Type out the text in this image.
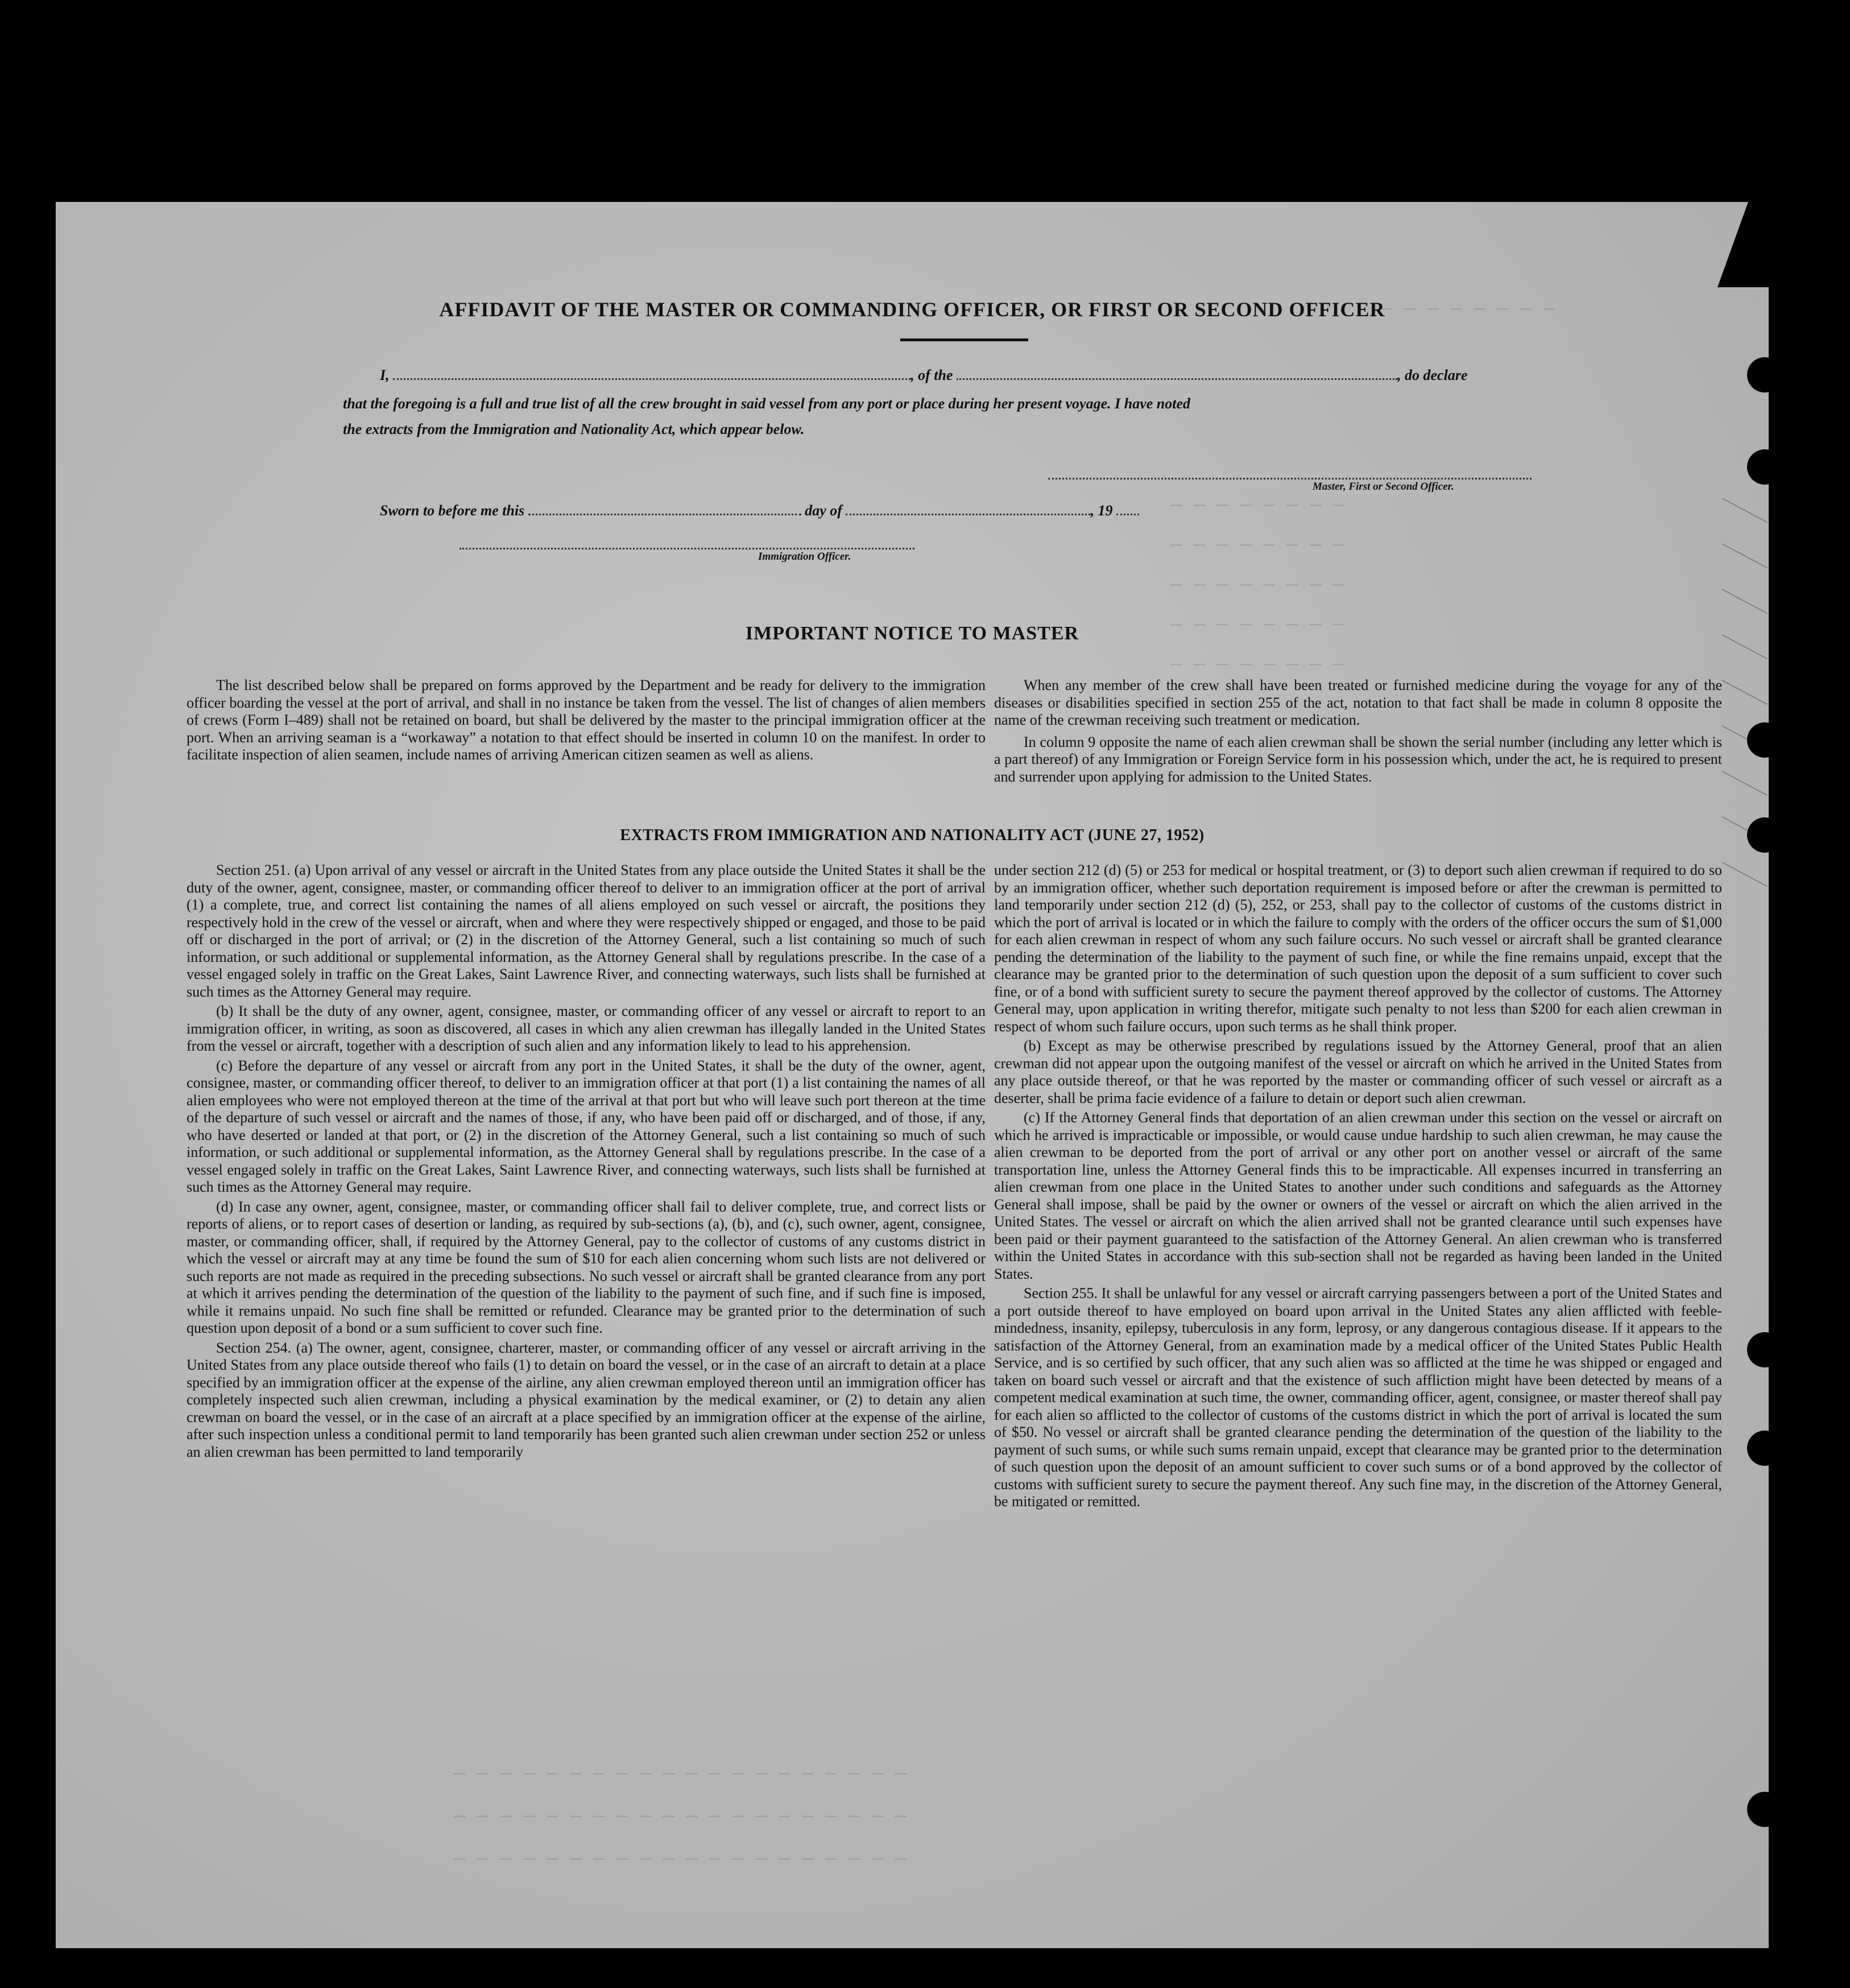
— — — — — — — —
— — — — — — — —
— — — — — — — —
— — — — — — — —
— — — — — — — —
— — — — — — — —
— — — — — — — — — — — — — — — — — — — —
— — — — — — — — — — — — — — — — — — — —
— — — — — — — — — — — — — — — — — — — —
AFFIDAVIT OF THE MASTER OR COMMANDING OFFICER, OR FIRST OR SECOND OFFICER
I,	, of the	, do declare
that the foregoing is a full and true list of all the crew brought in said vessel from any port or place during her present voyage. I have noted
the extracts from the Immigration and Nationality Act, which appear below.
Master, First or Second Officer.
Sworn to before me this	day of	, 19
Immigration Officer.
IMPORTANT NOTICE TO MASTER

The list described below shall be prepared on forms approved by the Department and be ready for delivery to the immigration officer boarding the vessel at the port of arrival, and shall in no instance be taken from the vessel. The list of changes of alien members of crews (Form I–489) shall not be retained on board, but shall be delivered by the master to the principal immigration officer at the port. When an arriving seaman is a “workaway” a notation to that effect should be inserted in column 10 on the manifest. In order to facilitate inspection of alien seamen, include names of arriving American citizen seamen as well as aliens.

When any member of the crew shall have been treated or furnished medicine during the voyage for any of the diseases or disabilities specified in section 255 of the act, notation to that fact shall be made in column 8 opposite the name of the crewman receiving such treatment or medication.

In column 9 opposite the name of each alien crewman shall be shown the serial number (including any letter which is a part thereof) of any Immigration or Foreign Service form in his possession which, under the act, he is required to present and surrender upon applying for admission to the United States.

EXTRACTS FROM IMMIGRATION AND NATIONALITY ACT (JUNE 27, 1952)

Section 251. (a) Upon arrival of any vessel or aircraft in the United States from any place outside the United States it shall be the duty of the owner, agent, consignee, master, or commanding officer thereof to deliver to an immigration officer at the port of arrival (1) a complete, true, and correct list containing the names of all aliens employed on such vessel or aircraft, the positions they respectively hold in the crew of the vessel or aircraft, when and where they were respectively shipped or engaged, and those to be paid off or discharged in the port of arrival; or (2) in the discretion of the Attorney General, such a list containing so much of such information, or such additional or supplemental information, as the Attorney General shall by regulations prescribe. In the case of a vessel engaged solely in traffic on the Great Lakes, Saint Lawrence River, and connecting waterways, such lists shall be furnished at such times as the Attorney General may require.

(b) It shall be the duty of any owner, agent, consignee, master, or commanding officer of any vessel or aircraft to report to an immigration officer, in writing, as soon as discovered, all cases in which any alien crewman has illegally landed in the United States from the vessel or aircraft, together with a description of such alien and any information likely to lead to his apprehension.

(c) Before the departure of any vessel or aircraft from any port in the United States, it shall be the duty of the owner, agent, consignee, master, or commanding officer thereof, to deliver to an immigration officer at that port (1) a list containing the names of all alien employees who were not employed thereon at the time of the arrival at that port but who will leave such port thereon at the time of the departure of such vessel or aircraft and the names of those, if any, who have been paid off or discharged, and of those, if any, who have deserted or landed at that port, or (2) in the discretion of the Attorney General, such a list containing so much of such information, or such additional or supplemental information, as the Attorney General shall by regulations prescribe. In the case of a vessel engaged solely in traffic on the Great Lakes, Saint Lawrence River, and connecting waterways, such lists shall be furnished at such times as the Attorney General may require.

(d) In case any owner, agent, consignee, master, or commanding officer shall fail to deliver complete, true, and correct lists or reports of aliens, or to report cases of desertion or landing, as required by sub-sections (a), (b), and (c), such owner, agent, consignee, master, or commanding officer, shall, if required by the Attorney General, pay to the collector of customs of any customs district in which the vessel or aircraft may at any time be found the sum of $10 for each alien concerning whom such lists are not delivered or such reports are not made as required in the preceding subsections. No such vessel or aircraft shall be granted clearance from any port at which it arrives pending the determination of the question of the liability to the payment of such fine, and if such fine is imposed, while it remains unpaid. No such fine shall be remitted or refunded. Clearance may be granted prior to the determination of such question upon deposit of a bond or a sum sufficient to cover such fine.

Section 254. (a) The owner, agent, consignee, charterer, master, or commanding officer of any vessel or aircraft arriving in the United States from any place outside thereof who fails (1) to detain on board the vessel, or in the case of an aircraft to detain at a place specified by an immigration officer at the expense of the airline, any alien crewman employed thereon until an immigration officer has completely inspected such alien crewman, including a physical examination by the medical examiner, or (2) to detain any alien crewman on board the vessel, or in the case of an aircraft at a place specified by an immigration officer at the expense of the airline, after such inspection unless a conditional permit to land temporarily has been granted such alien crewman under section 252 or unless an alien crewman has been permitted to land temporarily

under section 212 (d) (5) or 253 for medical or hospital treatment, or (3) to deport such alien crewman if required to do so by an immigration officer, whether such deportation requirement is imposed before or after the crewman is permitted to land temporarily under section 212 (d) (5), 252, or 253, shall pay to the collector of customs of the customs district in which the port of arrival is located or in which the failure to comply with the orders of the officer occurs the sum of $1,000 for each alien crewman in respect of whom any such failure occurs. No such vessel or aircraft shall be granted clearance pending the determination of the liability to the payment of such fine, or while the fine remains unpaid, except that the clearance may be granted prior to the determination of such question upon the deposit of a sum sufficient to cover such fine, or of a bond with sufficient surety to secure the payment thereof approved by the collector of customs. The Attorney General may, upon application in writing therefor, mitigate such penalty to not less than $200 for each alien crewman in respect of whom such failure occurs, upon such terms as he shall think proper.

(b) Except as may be otherwise prescribed by regulations issued by the Attorney General, proof that an alien crewman did not appear upon the outgoing manifest of the vessel or aircraft on which he arrived in the United States from any place outside thereof, or that he was reported by the master or commanding officer of such vessel or aircraft as a deserter, shall be prima facie evidence of a failure to detain or deport such alien crewman.

(c) If the Attorney General finds that deportation of an alien crewman under this section on the vessel or aircraft on which he arrived is impracticable or impossible, or would cause undue hardship to such alien crewman, he may cause the alien crewman to be deported from the port of arrival or any other port on another vessel or aircraft of the same transportation line, unless the Attorney General finds this to be impracticable. All expenses incurred in transferring an alien crewman from one place in the United States to another under such conditions and safeguards as the Attorney General shall impose, shall be paid by the owner or owners of the vessel or aircraft on which the alien arrived in the United States. The vessel or aircraft on which the alien arrived shall not be granted clearance until such expenses have been paid or their payment guaranteed to the satisfaction of the Attorney General. An alien crewman who is transferred within the United States in accordance with this sub-section shall not be regarded as having been landed in the United States.

Section 255. It shall be unlawful for any vessel or aircraft carrying passengers between a port of the United States and a port outside thereof to have employed on board upon arrival in the United States any alien afflicted with feeble-mindedness, insanity, epilepsy, tuberculosis in any form, leprosy, or any dangerous contagious disease. If it appears to the satisfaction of the Attorney General, from an examination made by a medical officer of the United States Public Health Service, and is so certified by such officer, that any such alien was so afflicted at the time he was shipped or engaged and taken on board such vessel or aircraft and that the existence of such affliction might have been detected by means of a competent medical examination at such time, the owner, commanding officer, agent, consignee, or master thereof shall pay for each alien so afflicted to the collector of customs of the customs district in which the port of arrival is located the sum of $50. No vessel or aircraft shall be granted clearance pending the determination of the question of the liability to the payment of such sums, or while such sums remain unpaid, except that clearance may be granted prior to the determination of such question upon the deposit of an amount sufficient to cover such sums or of a bond approved by the collector of customs with sufficient surety to secure the payment thereof. Any such fine may, in the discretion of the Attorney General, be mitigated or remitted.
